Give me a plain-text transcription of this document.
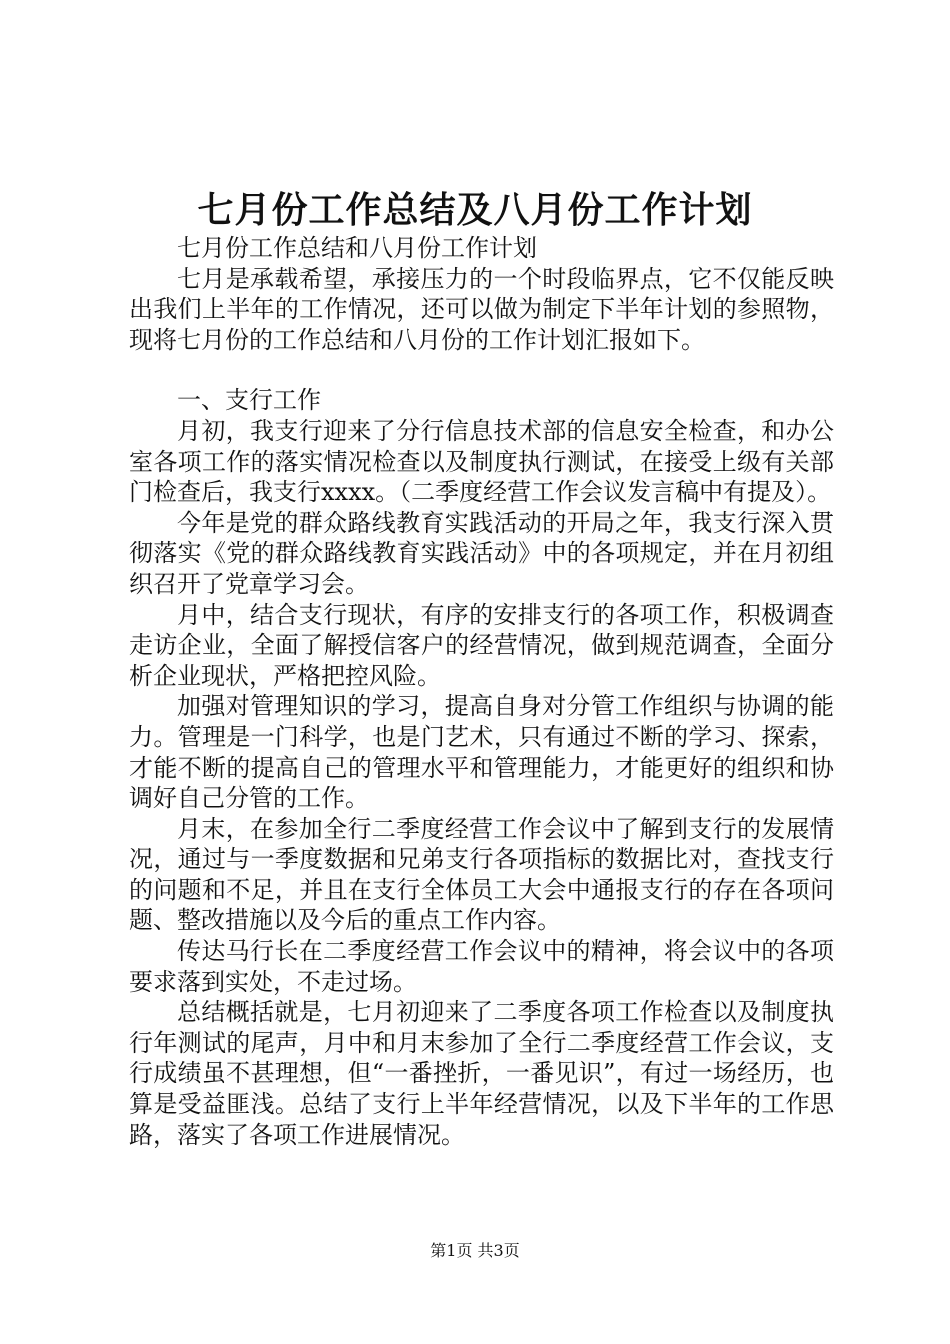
七月份工作总结及八月份工作计划

七月份工作总结和八月份工作计划

七月是承载希望，承接压力的一个时段临界点，它不仅能反映出我们上半年的工作情况，还可以做为制定下半年计划的参照物，现将七月份的工作总结和八月份的工作计划汇报如下。

一、支行工作

月初，我支行迎来了分行信息技术部的信息安全检查，和办公室各项工作的落实情况检查以及制度执行测试，在接受上级有关部门检查后，我支行xxxx。（二季度经营工作会议发言稿中有提及）。

今年是党的群众路线教育实践活动的开局之年，我支行深入贯彻落实《党的群众路线教育实践活动》中的各项规定，并在月初组织召开了党章学习会。

月中，结合支行现状，有序的安排支行的各项工作，积极调查走访企业，全面了解授信客户的经营情况，做到规范调查，全面分析企业现状，严格把控风险。

加强对管理知识的学习，提高自身对分管工作组织与协调的能力。管理是一门科学，也是门艺术，只有通过不断的学习、探索，才能不断的提高自己的管理水平和管理能力，才能更好的组织和协调好自己分管的工作。

月末，在参加全行二季度经营工作会议中了解到支行的发展情况，通过与一季度数据和兄弟支行各项指标的数据比对，查找支行的问题和不足，并且在支行全体员工大会中通报支行的存在各项问题、整改措施以及今后的重点工作内容。

传达马行长在二季度经营工作会议中的精神，将会议中的各项要求落到实处，不走过场。

总结概括就是，七月初迎来了二季度各项工作检查以及制度执行年测试的尾声，月中和月末参加了全行二季度经营工作会议，支行成绩虽不甚理想，但“一番挫折，一番见识”，有过一场经历，也算是受益匪浅。总结了支行上半年经营情况，以及下半年的工作思路，落实了各项工作进展情况。

第1页 共3页
